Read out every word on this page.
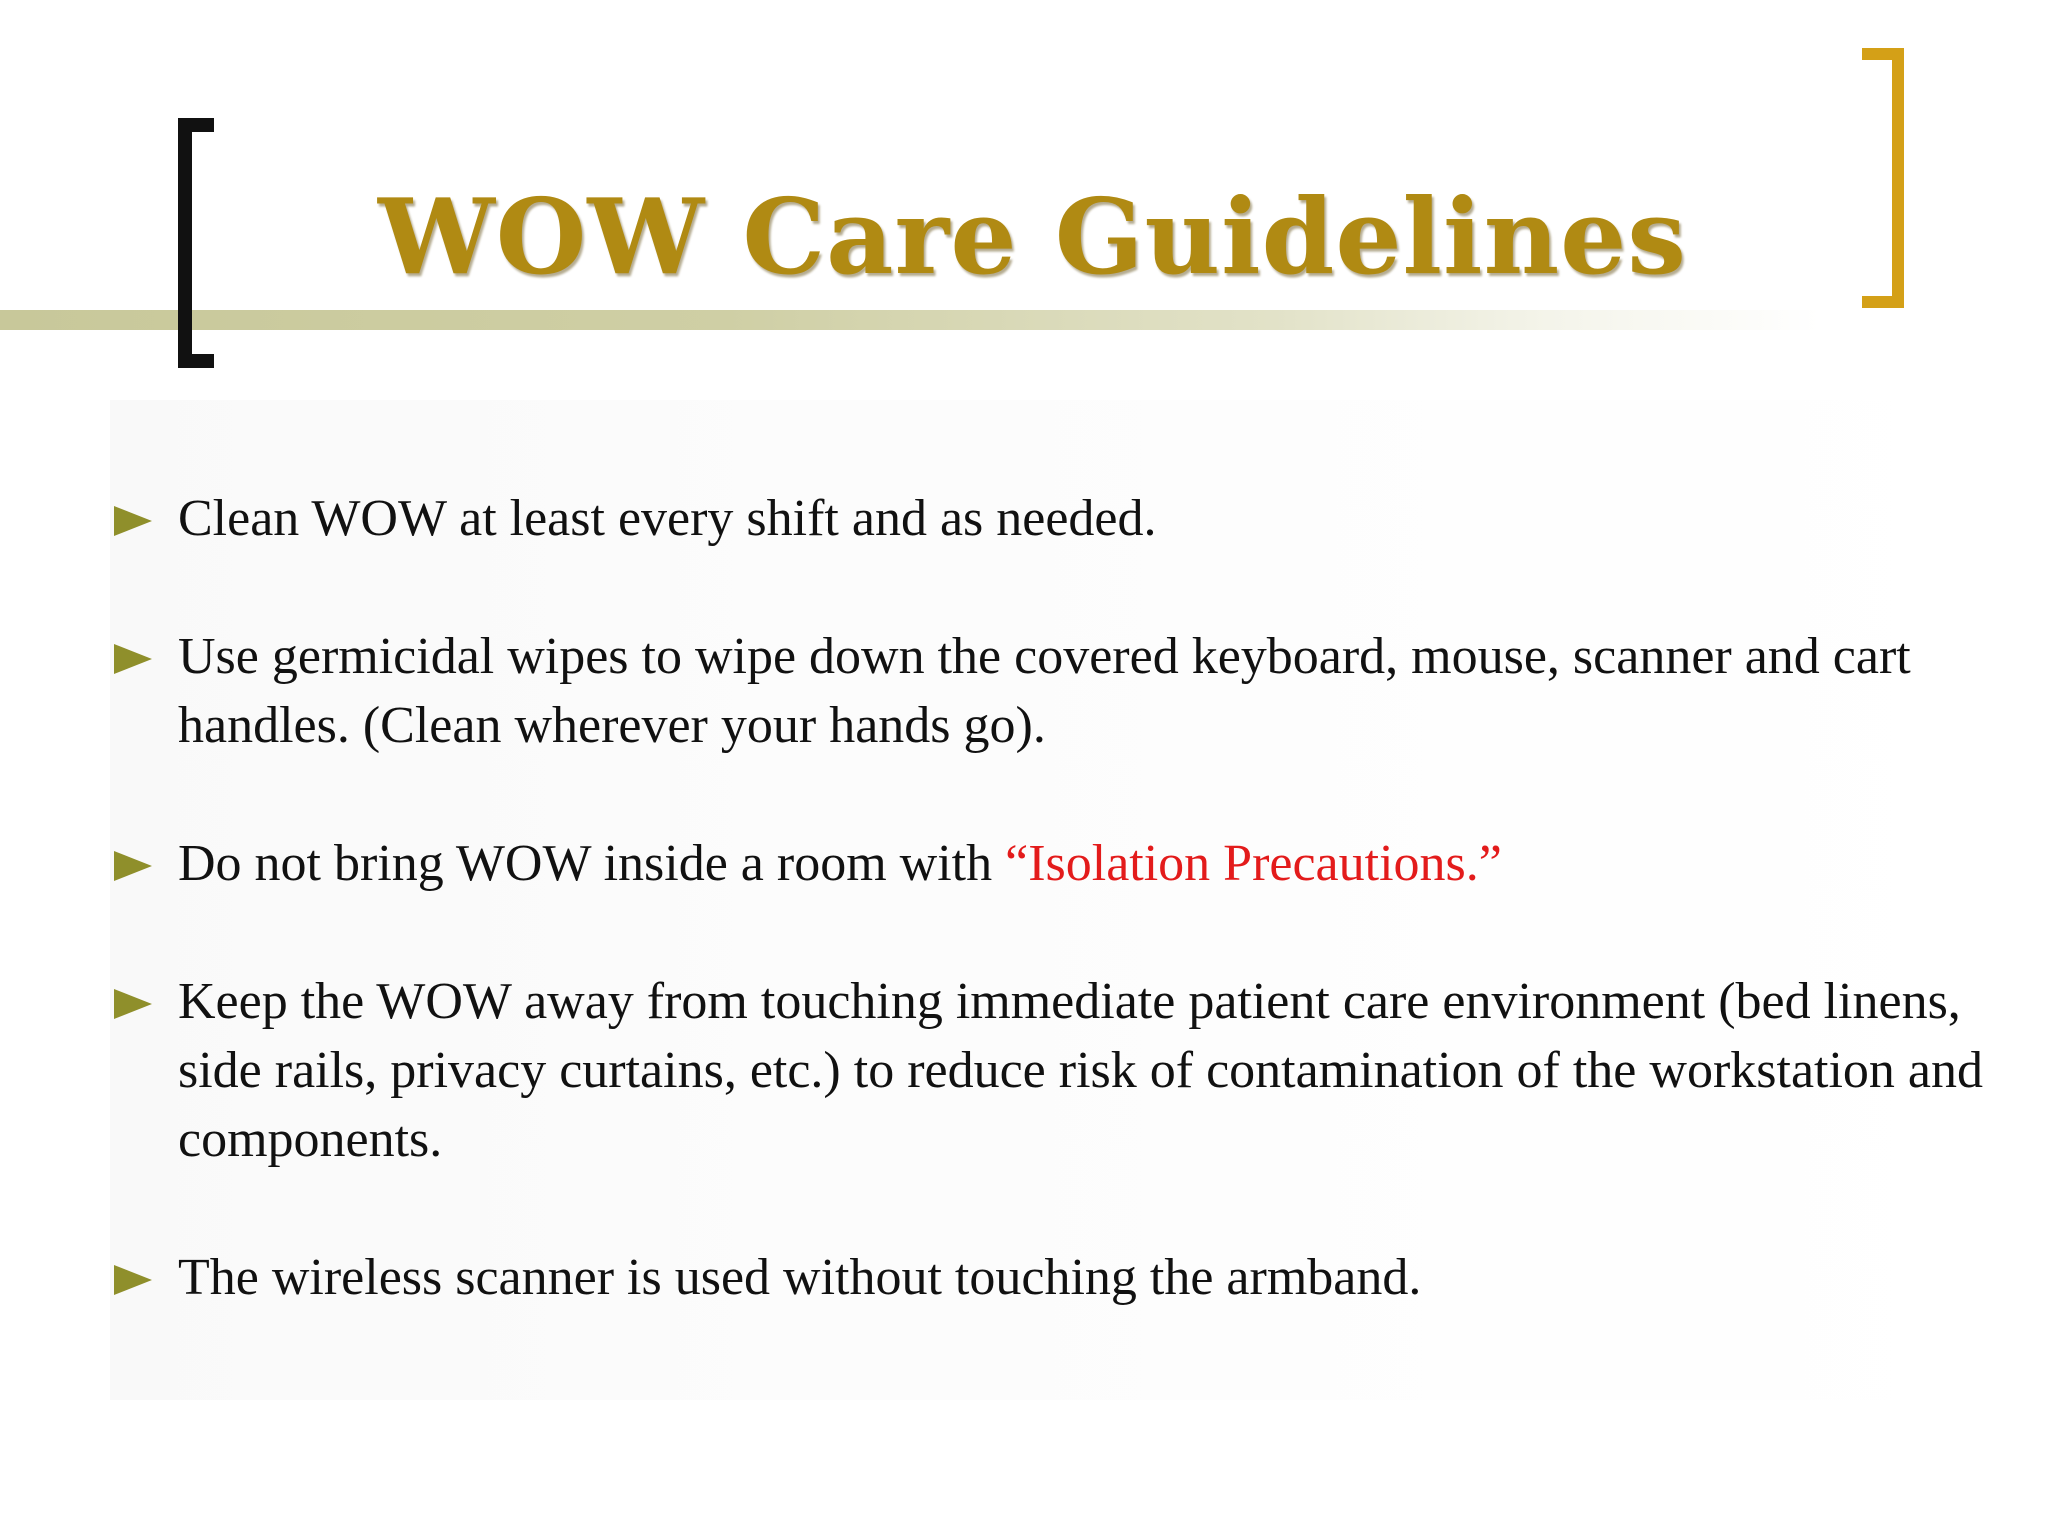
WOW Care Guidelines
Clean WOW at least every shift and as needed.
Use germicidal wipes to wipe down the covered keyboard, mouse, scanner and cart handles. (Clean wherever your hands go).
Do not bring WOW inside a room with “Isolation Precautions.”
Keep the WOW away from touching immediate patient care environment (bed linens, side rails, privacy curtains, etc.) to reduce risk of contamination of the workstation and components.
The wireless scanner is used without touching the armband.
